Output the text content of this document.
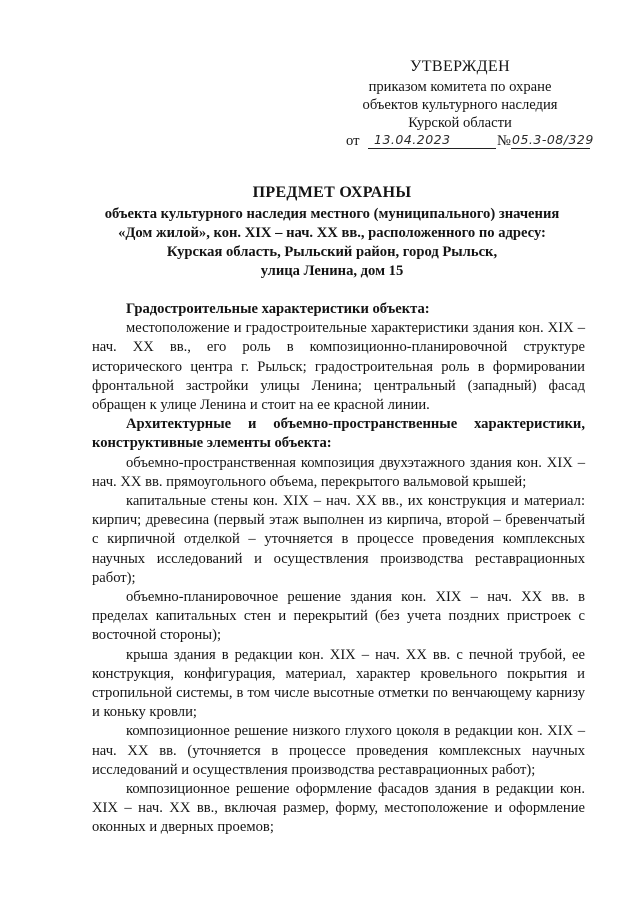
УТВЕРЖДЕН
приказом комитета по охране
объектов культурного наследия
Курской области
от 13.04.2023	№ 05.3-08/329
ПРЕДМЕТ ОХРАНЫ
объекта культурного наследия местного (муниципального) значения
«Дом жилой», кон. XIX – нач. XX вв., расположенного по адресу:
Курская область, Рыльский район, город Рыльск,
улица Ленина, дом 15

Градостроительные характеристики объекта:

местоположение и градостроительные характеристики здания кон. XIX – нач. XX вв., его роль в композиционно-планировочной структуре исторического центра г. Рыльск; градостроительная роль в формировании фронтальной застройки улицы Ленина; центральный (западный) фасад обращен к улице Ленина и стоит на ее красной линии.

Архитектурные и объемно-пространственные характеристики, конструктивные элементы объекта:

объемно-пространственная композиция двухэтажного здания кон. XIX – нач. XX вв. прямоугольного объема, перекрытого вальмовой крышей;

капитальные стены кон. XIX – нач. XX вв., их конструкция и материал: кирпич; древесина (первый этаж выполнен из кирпича, второй – бревенчатый с кирпичной отделкой – уточняется в процессе проведения комплексных научных исследований и осуществления производства реставрационных работ);

объемно-планировочное решение здания кон. XIX – нач. XX вв. в пределах капитальных стен и перекрытий (без учета поздних пристроек с восточной стороны);

крыша здания в редакции кон. XIX – нач. XX вв. с печной трубой, ее конструкция, конфигурация, материал, характер кровельного покрытия и стропильной системы, в том числе высотные отметки по венчающему карнизу и коньку кровли;

композиционное решение низкого глухого цоколя в редакции кон. XIX – нач. XX вв. (уточняется в процессе проведения комплексных научных исследований и осуществления производства реставрационных работ);

композиционное решение оформление фасадов здания в редакции кон. XIX – нач. XX вв., включая размер, форму, местоположение и оформление оконных и дверных проемов;
